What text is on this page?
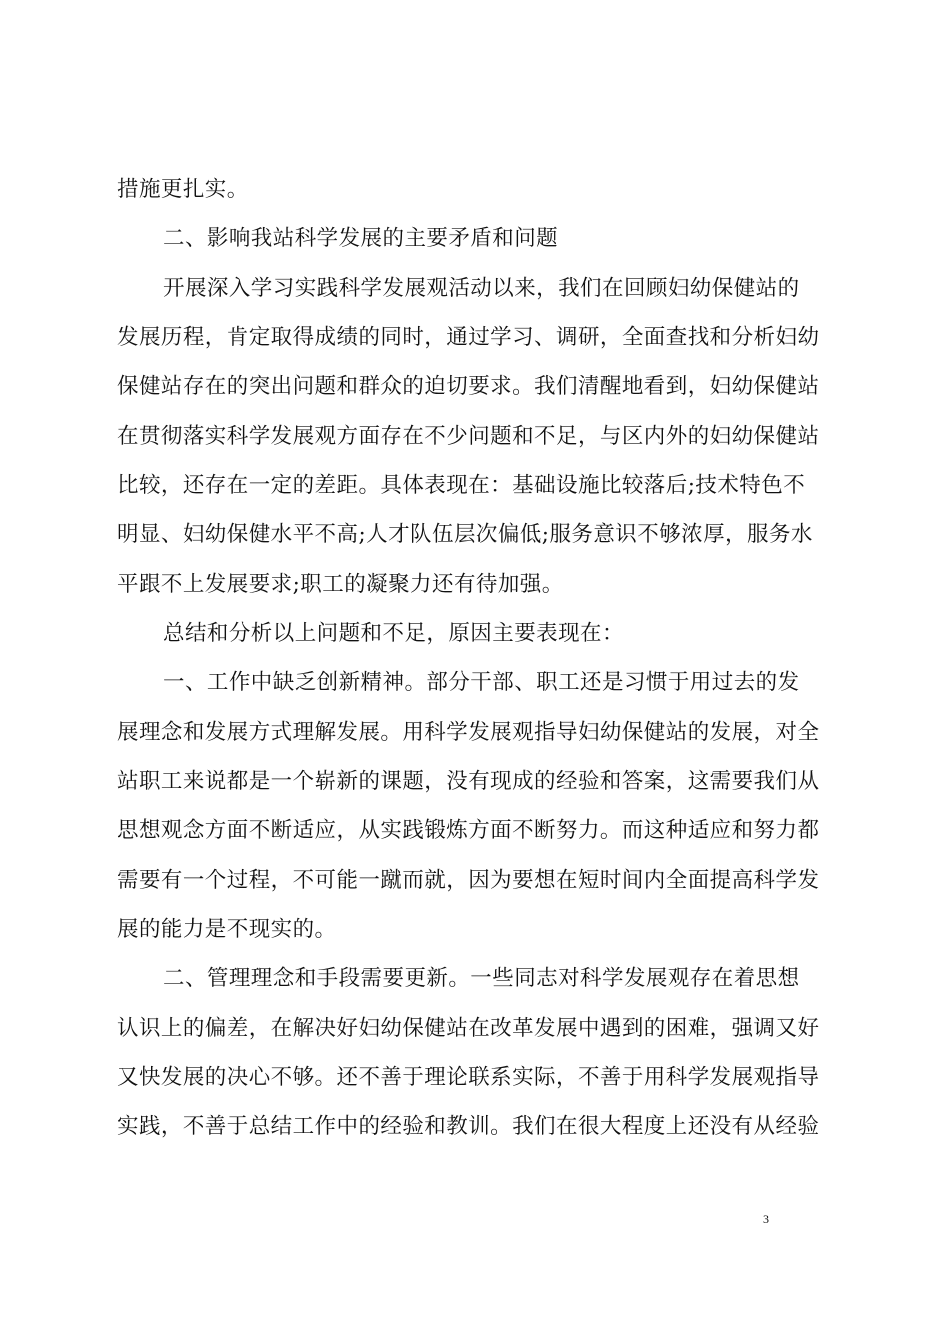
措施更扎实。
二、影响我站科学发展的主要矛盾和问题
开展深入学习实践科学发展观活动以来，我们在回顾妇幼保健站的
发展历程，肯定取得成绩的同时，通过学习、调研，全面查找和分析妇幼
保健站存在的突出问题和群众的迫切要求。我们清醒地看到，妇幼保健站
在贯彻落实科学发展观方面存在不少问题和不足，与区内外的妇幼保健站
比较，还存在一定的差距。具体表现在：基础设施比较落后;技术特色不
明显、妇幼保健水平不高;人才队伍层次偏低;服务意识不够浓厚，服务水
平跟不上发展要求;职工的凝聚力还有待加强。
总结和分析以上问题和不足，原因主要表现在：
一、工作中缺乏创新精神。部分干部、职工还是习惯于用过去的发
展理念和发展方式理解发展。用科学发展观指导妇幼保健站的发展，对全
站职工来说都是一个崭新的课题，没有现成的经验和答案，这需要我们从
思想观念方面不断适应，从实践锻炼方面不断努力。而这种适应和努力都
需要有一个过程，不可能一蹴而就，因为要想在短时间内全面提高科学发
展的能力是不现实的。
二、管理理念和手段需要更新。一些同志对科学发展观存在着思想
认识上的偏差，在解决好妇幼保健站在改革发展中遇到的困难，强调又好
又快发展的决心不够。还不善于理论联系实际，不善于用科学发展观指导
实践，不善于总结工作中的经验和教训。我们在很大程度上还没有从经验
3
